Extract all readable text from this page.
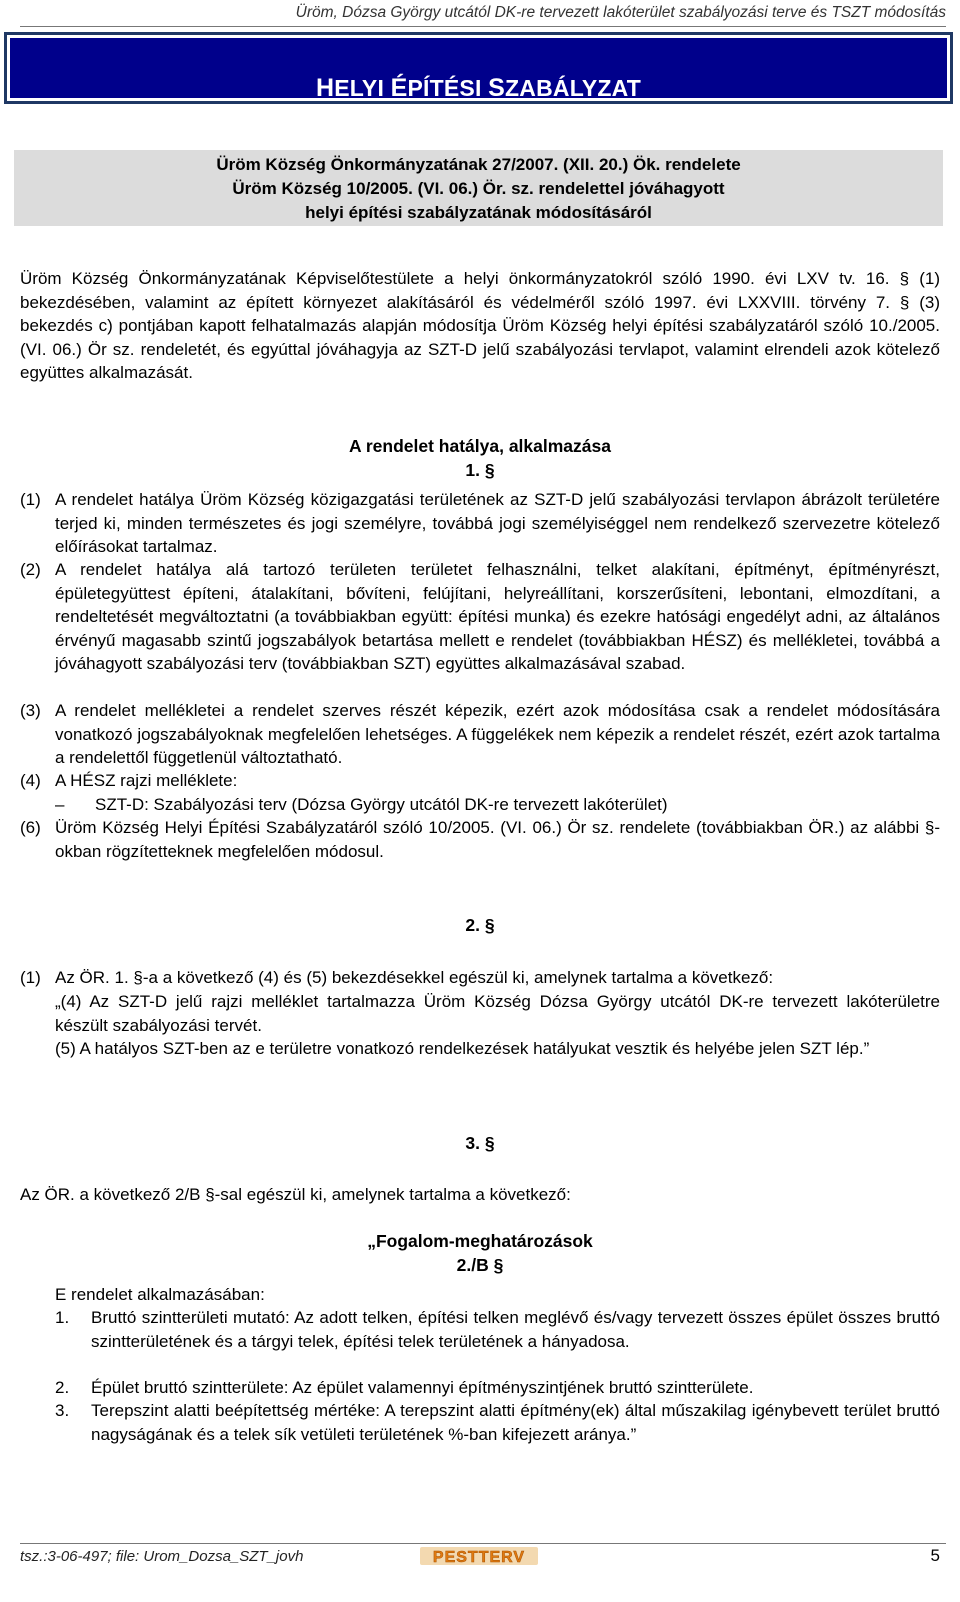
Üröm, Dózsa György utcától DK-re tervezett lakóterület szabályozási terve és TSZT módosítás
HELYI ÉPÍTÉSI SZABÁLYZAT
Üröm Község Önkormányzatának 27/2007. (XII. 20.) Ök. rendelete
Üröm Község 10/2005. (VI. 06.) Ör. sz. rendelettel jóváhagyott
helyi építési szabályzatának módosításáról
Üröm Község Önkormányzatának Képviselőtestülete a helyi önkormányzatokról szóló 1990. évi LXV tv. 16. § (1) bekezdésében, valamint az épített környezet alakításáról és védelméről szóló 1997. évi LXXVIII. törvény 7. § (3) bekezdés c) pontjában kapott felhatalmazás alapján módosítja Üröm Község helyi építési szabályzatáról szóló 10./2005.(VI. 06.) Ör sz. rendeletét, és egyúttal jóváhagyja az SZT-D jelű szabályozási tervlapot, valamint elrendeli azok kötelező együttes alkalmazását.
A rendelet hatálya, alkalmazása
1. §
(1) A rendelet hatálya Üröm Község közigazgatási területének az SZT-D jelű szabályozási tervlapon ábrázolt területére terjed ki, minden természetes és jogi személyre, továbbá jogi személyiséggel nem rendelkező szervezetre kötelező előírásokat tartalmaz.
(2) A rendelet hatálya alá tartozó területen területet felhasználni, telket alakítani, építményt, építményrészt, épületegyüttest építeni, átalakítani, bővíteni, felújítani, helyreállítani, korszerűsíteni, lebontani, elmozdítani, a rendeltetését megváltoztatni (a továbbiakban együtt: építési munka) és ezekre hatósági engedélyt adni, az általános érvényű magasabb szintű jogszabályok betartása mellett e rendelet (továbbiakban HÉSZ) és mellékletei, továbbá a jóváhagyott szabályozási terv (továbbiakban SZT) együttes alkalmazásával szabad.
(3) A rendelet mellékletei a rendelet szerves részét képezik, ezért azok módosítása csak a rendelet módosítására vonatkozó jogszabályoknak megfelelően lehetséges. A függelékek nem képezik a rendelet részét, ezért azok tartalma a rendelettől függetlenül változtatható.
(4) A HÉSZ rajzi melléklete:
– SZT-D: Szabályozási terv (Dózsa György utcától DK-re tervezett lakóterület)
(6) Üröm Község Helyi Építési Szabályzatáról szóló 10/2005. (VI. 06.) Ör sz. rendelete (továbbiakban ÖR.) az alábbi §-okban rögzítetteknek megfelelően módosul.
2. §
(1) Az ÖR. 1. §-a a következő (4) és (5) bekezdésekkel egészül ki, amelynek tartalma a következő:
„(4) Az SZT-D jelű rajzi melléklet tartalmazza Üröm Község Dózsa György utcától DK-re tervezett lakóterületre készült szabályozási tervét.
(5) A hatályos SZT-ben az e területre vonatkozó rendelkezések hatályukat vesztik és helyébe jelen SZT lép.”
3. §
Az ÖR. a következő 2/B §-sal egészül ki, amelynek tartalma a következő:
„Fogalom-meghatározások
2./B §
E rendelet alkalmazásában:
1. Bruttó szintterületi mutató: Az adott telken, építési telken meglévő és/vagy tervezett összes épület összes bruttó szintterületének és a tárgyi telek, építési telek területének a hányadosa.
2. Épület bruttó szintterülete: Az épület valamennyi építményszintjének bruttó szintterülete.
3. Terepszint alatti beépítettség mértéke: A terepszint alatti építmény(ek) által műszakilag igénybevett terület bruttó nagyságának és a telek sík vetületi területének %-ban kifejezett aránya.”
tsz.:3-06-497; file: Urom_Dozsa_SZT_jovh	PESTTERV	5
